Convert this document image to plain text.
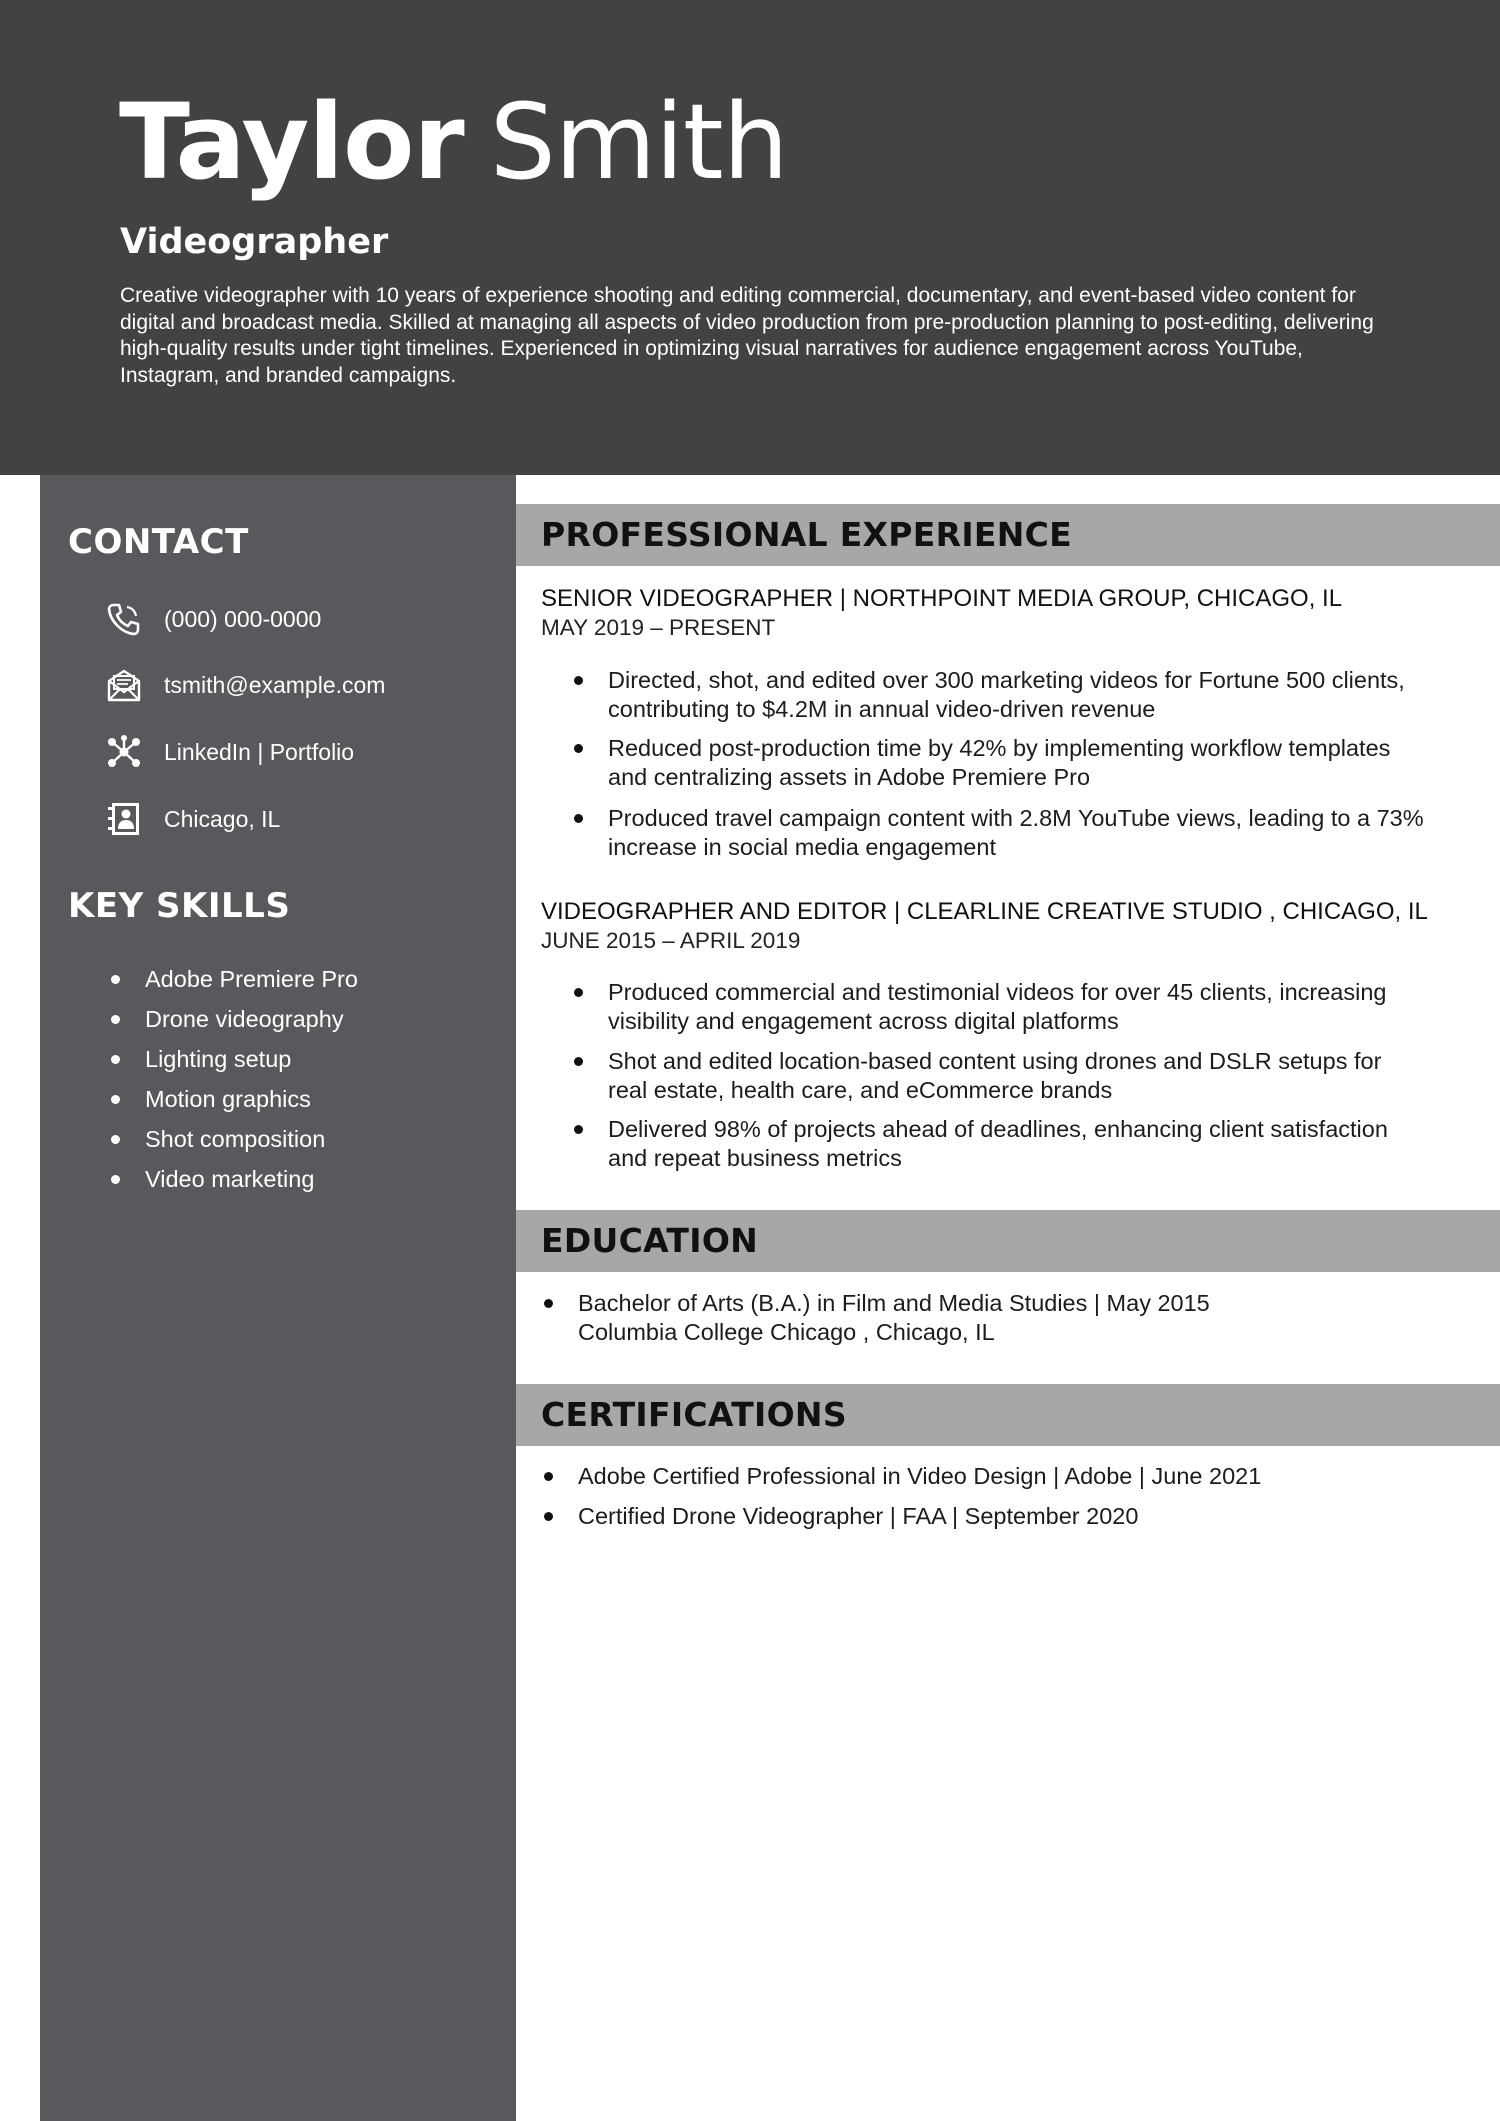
Taylor Smith
Videographer

Creative videographer with 10 years of experience shooting and editing commercial, documentary, and event-based video content for digital and broadcast media. Skilled at managing all aspects of video production from pre-production planning to post-editing, delivering high-quality results under tight timelines. Experienced in optimizing visual narratives for audience engagement across YouTube, Instagram, and branded campaigns.

CONTACT
(000) 000-0000
tsmith@example.com
LinkedIn | Portfolio
Chicago, IL
KEY SKILLS
Adobe Premiere Pro
Drone videography
Lighting setup
Motion graphics
Shot composition
Video marketing
PROFESSIONAL EXPERIENCE
SENIOR VIDEOGRAPHER | NORTHPOINT MEDIA GROUP, CHICAGO, IL
MAY 2019 – PRESENT
Directed, shot, and edited over 300 marketing videos for Fortune 500 clients,
contributing to $4.2M in annual video-driven revenue
Reduced post-production time by 42% by implementing workflow templates
and centralizing assets in Adobe Premiere Pro
Produced travel campaign content with 2.8M YouTube views, leading to a 73%
increase in social media engagement
VIDEOGRAPHER AND EDITOR | CLEARLINE CREATIVE STUDIO , CHICAGO, IL
JUNE 2015 – APRIL 2019
Produced commercial and testimonial videos for over 45 clients, increasing
visibility and engagement across digital platforms
Shot and edited location-based content using drones and DSLR setups for
real estate, health care, and eCommerce brands
Delivered 98% of projects ahead of deadlines, enhancing client satisfaction
and repeat business metrics
EDUCATION
Bachelor of Arts (B.A.) in Film and Media Studies | May 2015
Columbia College Chicago , Chicago, IL
CERTIFICATIONS
Adobe Certified Professional in Video Design | Adobe | June 2021
Certified Drone Videographer | FAA | September 2020
